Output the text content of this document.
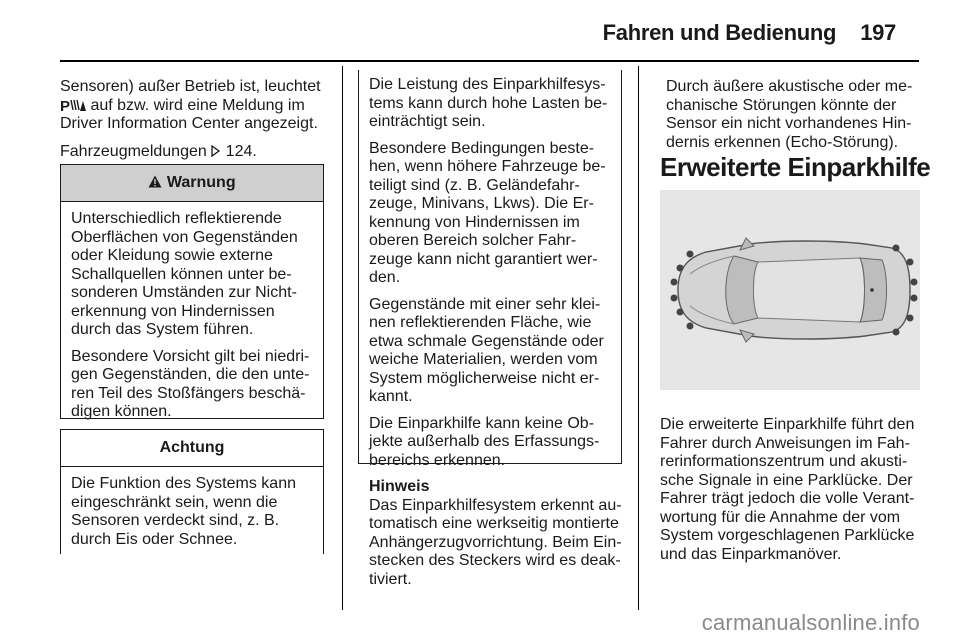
Fahren und Bedienung 197

Sensoren) außer Betrieb ist, leuchtet

P auf bzw. wird eine Meldung im
Driver Information Center angezeigt.

Fahrzeugmeldungen 124.

Warnung

Unterschiedlich reflektierende Oberflächen von Gegenständen oder Kleidung sowie externe Schallquellen können unter besonderen Umständen zur Nichterkennung von Hindernissen durch das System führen.

Besondere Vorsicht gilt bei niedrigen Gegenständen, die den unteren Teil des Stoßfängers beschädigen können.

Achtung

Die Funktion des Systems kann eingeschränkt sein, wenn die Sensoren verdeckt sind, z. B. durch Eis oder Schnee.

Die Leistung des Einparkhilfesystems kann durch hohe Lasten beeinträchtigt sein.

Besondere Bedingungen bestehen, wenn höhere Fahrzeuge beteiligt sind (z. B. Geländefahrzeuge, Minivans, Lkws). Die Erkennung von Hindernissen im oberen Bereich solcher Fahrzeuge kann nicht garantiert werden.

Gegenstände mit einer sehr kleinen reflektierenden Fläche, wie etwa schmale Gegenstände oder weiche Materialien, werden vom System möglicherweise nicht erkannt.

Die Einparkhilfe kann keine Objekte außerhalb des Erfassungsbereichs erkennen.

Hinweis
Das Einparkhilfesystem erkennt automatisch eine werkseitig montierte Anhängerzugvorrichtung. Beim Einstecken des Steckers wird es deaktiviert.

Durch äußere akustische oder mechanische Störungen könnte der Sensor ein nicht vorhandenes Hindernis erkennen (Echo-Störung).

Erweiterte Einparkhilfe

Die erweiterte Einparkhilfe führt den Fahrer durch Anweisungen im Fahrerinformationszentrum und akustische Signale in eine Parklücke. Der Fahrer trägt jedoch die volle Verantwortung für die Annahme der vom System vorgeschlagenen Parklücke und das Einparkmanöver.

carmanualsonline.info
